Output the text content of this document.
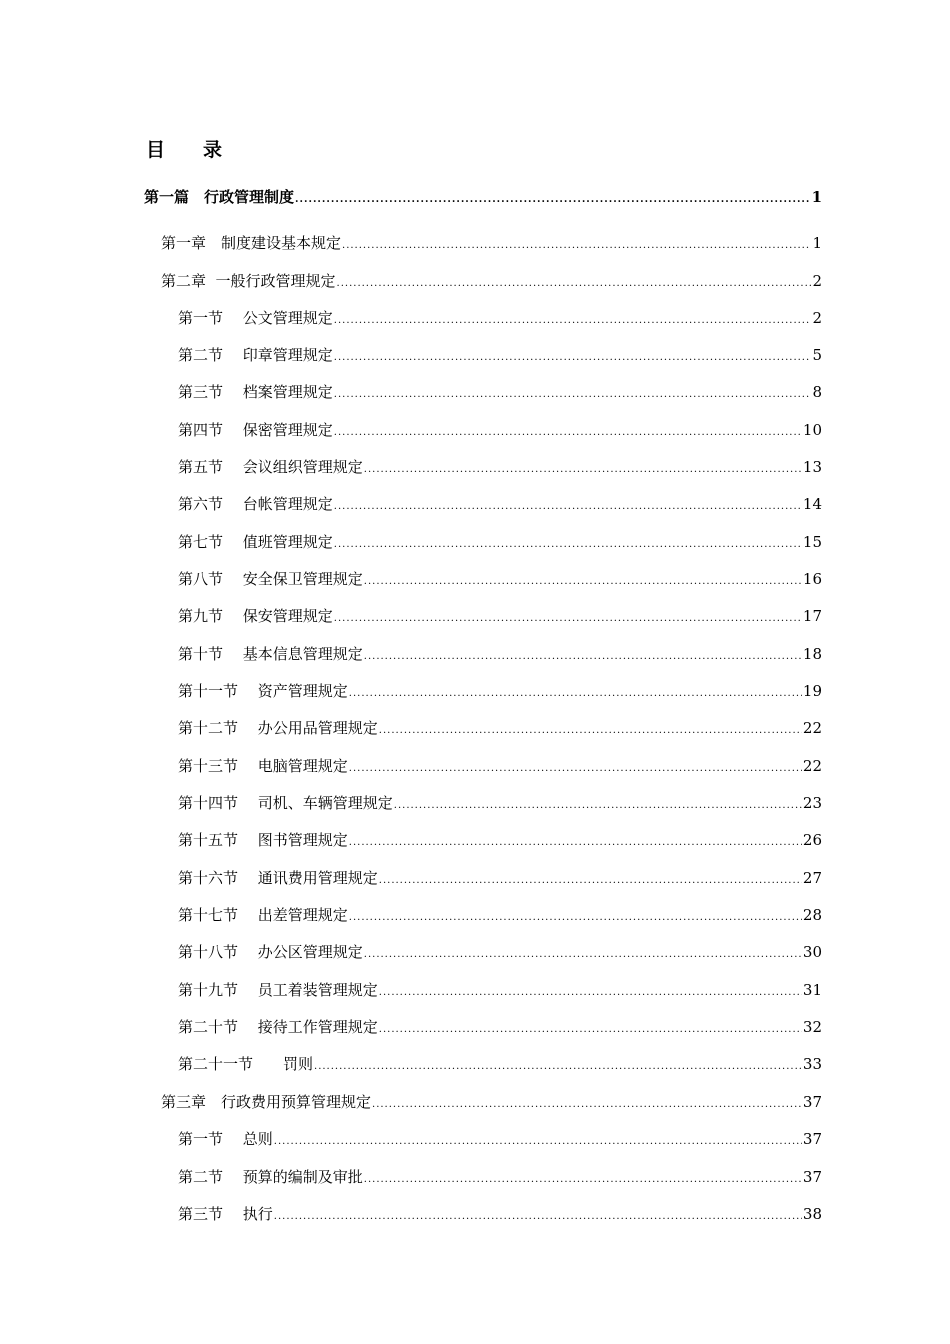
目　　录
第一篇　行政管理制度 .....	1
第一章　制度建设基本规定 .....	1
第二章  一般行政管理规定 .....	2
第一节　 公文管理规定 .....	2
第二节　 印章管理规定 .....	5
第三节　 档案管理规定 .....	8
第四节　 保密管理规定 .....	10
第五节　 会议组织管理规定 .....	13
第六节　 台帐管理规定 .....	14
第七节　 值班管理规定 .....	15
第八节　 安全保卫管理规定 .....	16
第九节　 保安管理规定 .....	17
第十节　 基本信息管理规定 .....	18
第十一节　 资产管理规定 .....	19
第十二节　 办公用品管理规定 .....	22
第十三节　 电脑管理规定 .....	22
第十四节　 司机、车辆管理规定 .....	23
第十五节　 图书管理规定 .....	26
第十六节　 通讯费用管理规定 .....	27
第十七节　 出差管理规定 .....	28
第十八节　 办公区管理规定 .....	30
第十九节　 员工着装管理规定 .....	31
第二十节　 接待工作管理规定 .....	32
第二十一节　　罚则 .....	33
第三章　行政费用预算管理规定 .....	37
第一节　 总则 .....	37
第二节　 预算的编制及审批 .....	37
第三节　 执行 .....	38
